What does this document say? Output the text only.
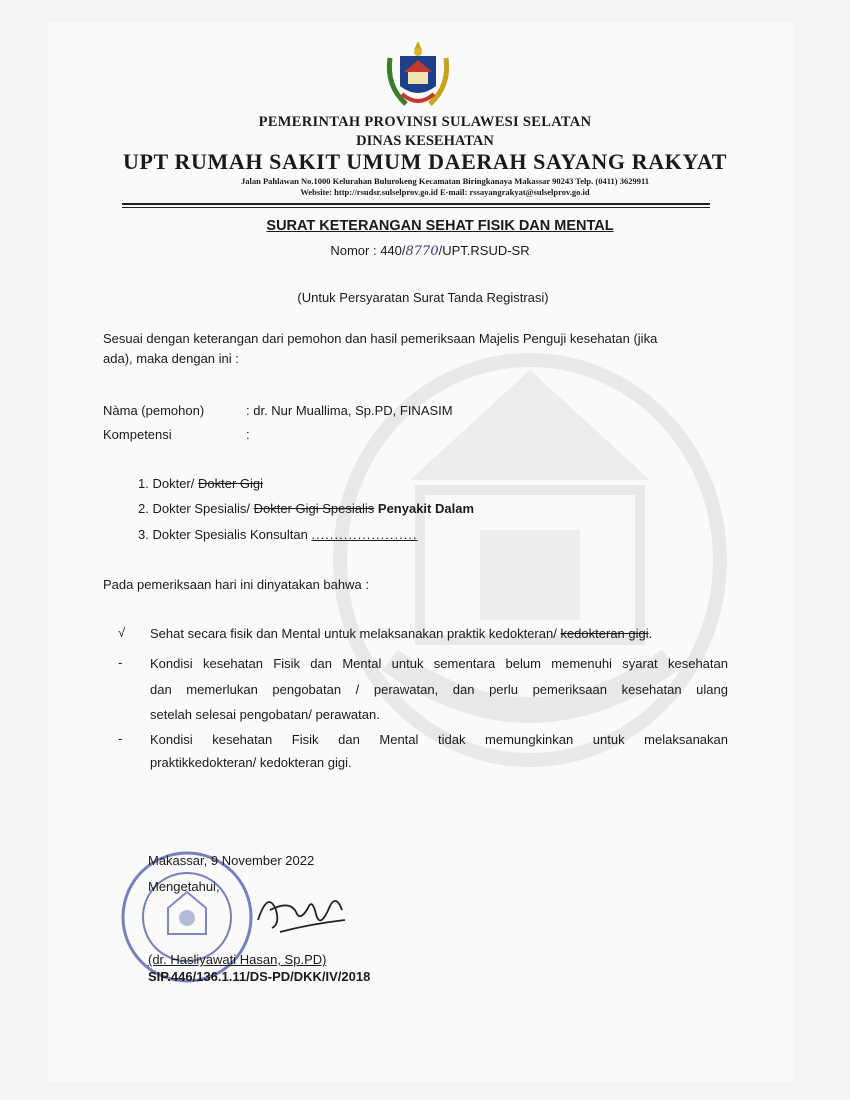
PEMERINTAH PROVINSI SULAWESI SELATAN
DINAS KESEHATAN
UPT RUMAH SAKIT UMUM DAERAH SAYANG RAKYAT
Jalan Pahlawan No.1000 Kelurahan Bulurokeng Kecamatan Biringkanaya Makassar 90243 Telp. (0411) 3629911
Website: http://rsudsr.sulselprov.go.id E-mail: rssayangrakyat@sulselprov.go.id
SURAT KETERANGAN SEHAT FISIK DAN MENTAL
Nomor : 440/8770/UPT.RSUD-SR
(Untuk Persyaratan Surat Tanda Registrasi)
Sesuai dengan keterangan dari pemohon dan hasil pemeriksaan Majelis Penguji kesehatan (jika
ada), maka dengan ini :
Nàma (pemohon)	: dr. Nur Muallima, Sp.PD, FINASIM
Kompetensi	:
1. Dokter/ Dokter Gigi
2. Dokter Spesialis/ Dokter Gigi Spesialis Penyakit Dalam
3. Dokter Spesialis Konsultan .......................
Pada pemeriksaan hari ini dinyatakan bahwa :
√ Sehat secara fisik dan Mental untuk melaksanakan praktik kedokteran/ kedokteran gigi.
- Kondisi kesehatan Fisik dan Mental untuk sementara belum memenuhi syarat kesehatan
dan memerlukan pengobatan / perawatan, dan perlu pemeriksaan kesehatan ulang
setelah selesai pengobatan/ perawatan.
- Kondisi kesehatan Fisik dan Mental tidak memungkinkan untuk melaksanakan
praktikkedokteran/ kedokteran gigi.
Makassar, 9 November 2022
Mengetahui,
(dr. Hasliyawati Hasan, Sp.PD)
SIP.446/136.1.11/DS-PD/DKK/IV/2018
